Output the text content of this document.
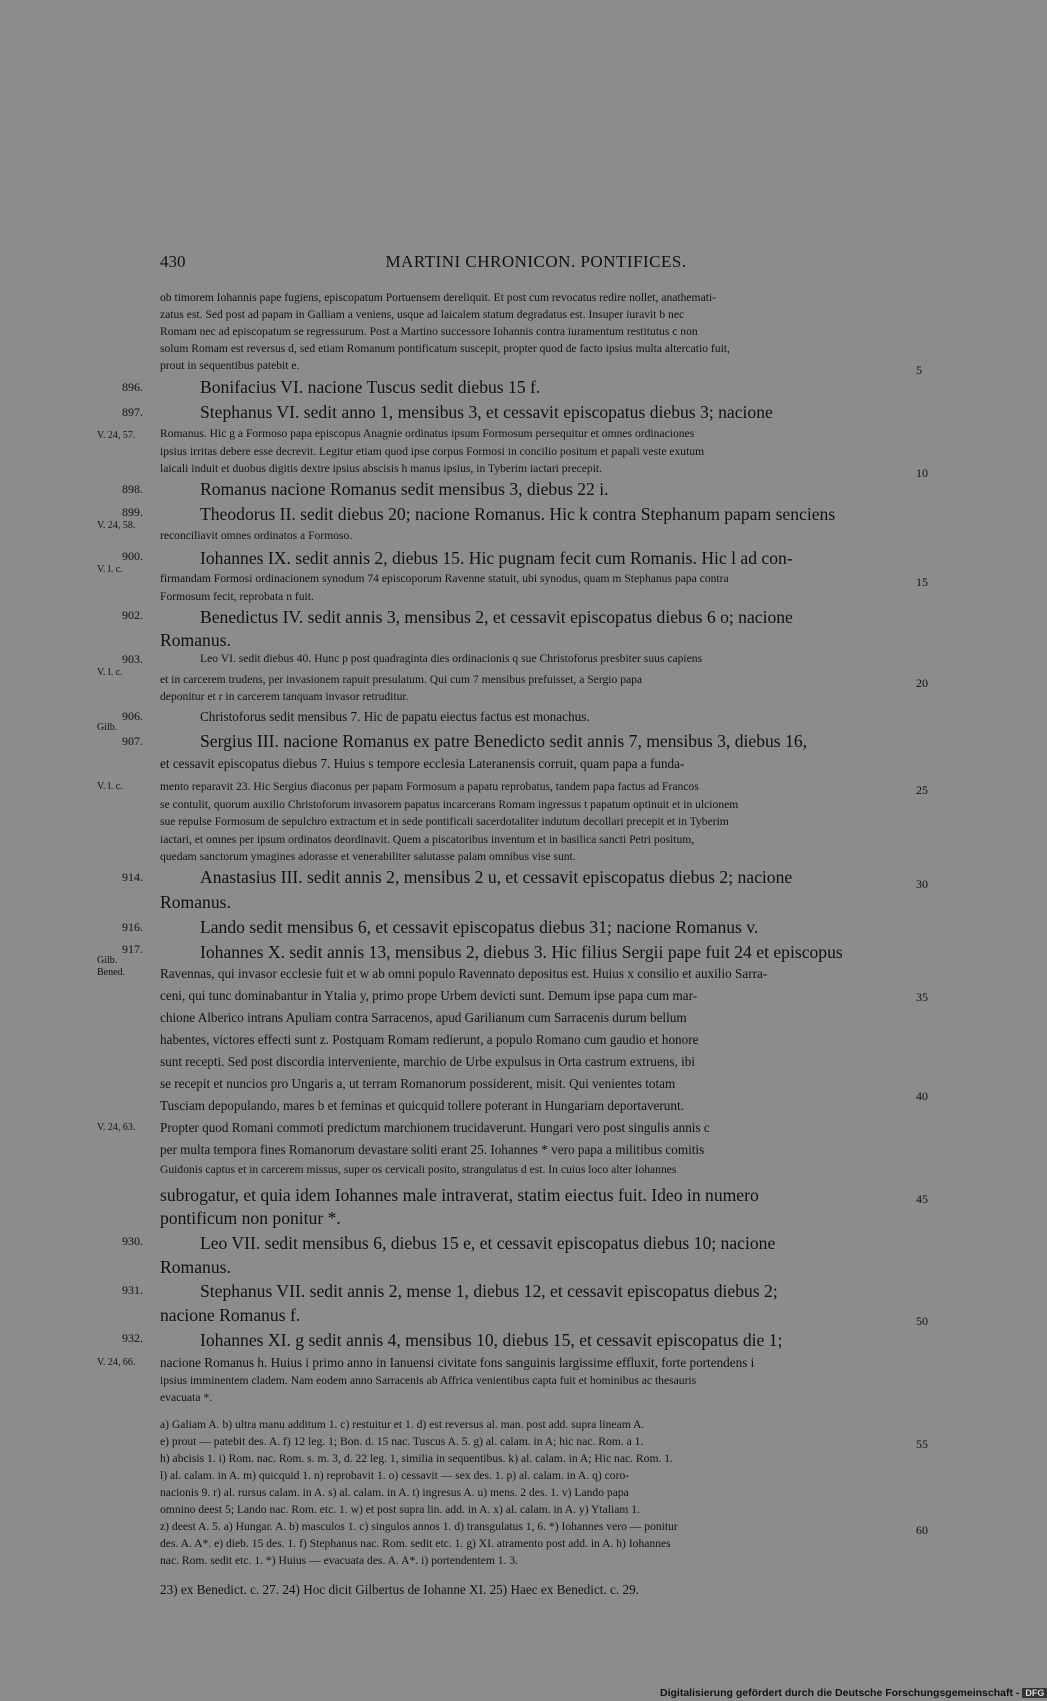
430	MARTINI CHRONICON. PONTIFICES.
ob timorem Iohannis pape fugiens, episcopatum Portuensem dereliquit. Et post cum revocatus redire nollet, anathemati-
zatus est. Sed post ad papam in Galliam a veniens, usque ad laicalem statum degradatus est. Insuper iuravit b nec
Romam nec ad episcopatum se regressurum. Post a Martino successore Iohannis contra iuramentum restitutus c non
solum Romam est reversus d, sed etiam Romanum pontificatum suscepit, propter quod de facto ipsius multa altercatio fuit,
prout in sequentibus patebit e.
Bonifacius VI. nacione Tuscus sedit diebus 15 f.
Stephanus VI. sedit anno 1, mensibus 3, et cessavit episcopatus diebus 3; nacione
Romanus. Hic g a Formoso papa episcopus Anagnie ordinatus ipsum Formosum persequitur et omnes ordinaciones
ipsius irritas debere esse decrevit. Legitur etiam quod ipse corpus Formosi in concilio positum et papali veste exutum
laicali induit et duobus digitis dextre ipsius abscisis h manus ipsius, in Tyberim iactari precepit.
Romanus nacione Romanus sedit mensibus 3, diebus 22 i.
Theodorus II. sedit diebus 20; nacione Romanus. Hic k contra Stephanum papam senciens
reconciliavit omnes ordinatos a Formoso.
Iohannes IX. sedit annis 2, diebus 15. Hic pugnam fecit cum Romanis. Hic l ad con-
firmandam Formosi ordinacionem synodum 74 episcoporum Ravenne statuit, ubi synodus, quam m Stephanus papa contra
Formosum fecit, reprobata n fuit.
Benedictus IV. sedit annis 3, mensibus 2, et cessavit episcopatus diebus 6 o; nacione
Romanus.
Leo VI. sedit diebus 40. Hunc p post quadraginta dies ordinacionis q sue Christoforus presbiter suus capiens
et in carcerem trudens, per invasionem rapuit presulatum. Qui cum 7 mensibus prefuisset, a Sergio papa
deponitur et r in carcerem tanquam invasor retruditur.
Christoforus sedit mensibus 7. Hic de papatu eiectus factus est monachus.
Sergius III. nacione Romanus ex patre Benedicto sedit annis 7, mensibus 3, diebus 16,
et cessavit episcopatus diebus 7. Huius s tempore ecclesia Lateranensis corruit, quam papa a funda-
mento reparavit 23. Hic Sergius diaconus per papam Formosum a papatu reprobatus, tandem papa factus ad Francos
se contulit, quorum auxilio Christoforum invasorem papatus incarcerans Romam ingressus t papatum optinuit et in ulcionem
sue repulse Formosum de sepulchro extractum et in sede pontificali sacerdotaliter indutum decollari precepit et in Tyberim
iactari, et omnes per ipsum ordinatos deordinavit. Quem a piscatoribus inventum et in basilica sancti Petri positum,
quedam sanctorum ymagines adorasse et venerabiliter salutasse palam omnibus vise sunt.
Anastasius III. sedit annis 2, mensibus 2 u, et cessavit episcopatus diebus 2; nacione
Romanus.
Lando sedit mensibus 6, et cessavit episcopatus diebus 31; nacione Romanus v.
Iohannes X. sedit annis 13, mensibus 2, diebus 3. Hic filius Sergii pape fuit 24 et episcopus
Ravennas, qui invasor ecclesie fuit et w ab omni populo Ravennato depositus est. Huius x consilio et auxilio Sarra-
ceni, qui tunc dominabantur in Ytalia y, primo prope Urbem devicti sunt. Demum ipse papa cum mar-
chione Alberico intrans Apuliam contra Sarracenos, apud Garilianum cum Sarracenis durum bellum
habentes, victores effecti sunt z. Postquam Romam redierunt, a populo Romano cum gaudio et honore
sunt recepti. Sed post discordia interveniente, marchio de Urbe expulsus in Orta castrum extruens, ibi
se recepit et nuncios pro Ungaris a, ut terram Romanorum possiderent, misit. Qui venientes totam
Tusciam depopulando, mares b et feminas et quicquid tollere poterant in Hungariam deportaverunt.
Propter quod Romani commoti predictum marchionem trucidaverunt. Hungari vero post singulis annis c
per multa tempora fines Romanorum devastare soliti erant 25. Iohannes * vero papa a militibus comitis
Guidonis captus et in carcerem missus, super os cervicali posito, strangulatus d est. In cuius loco alter Iohannes
subrogatur, et quia idem Iohannes male intraverat, statim eiectus fuit. Ideo in numero
pontificum non ponitur *.
Leo VII. sedit mensibus 6, diebus 15 e, et cessavit episcopatus diebus 10; nacione
Romanus.
Stephanus VII. sedit annis 2, mense 1, diebus 12, et cessavit episcopatus diebus 2;
nacione Romanus f.
Iohannes XI. g sedit annis 4, mensibus 10, diebus 15, et cessavit episcopatus die 1;
nacione Romanus h. Huius i primo anno in Ianuensi civitate fons sanguinis largissime effluxit, forte portendens i
ipsius imminentem cladem. Nam eodem anno Sarracenis ab Affrica venientibus capta fuit et hominibus ac thesauris
evacuata *.
a) Galiam A. b) ultra manu additum 1. c) restuitur et 1. d) est reversus al. man. post add. supra lineam A.
e) prout — patebit des. A. f) 12 leg. 1; Bon. d. 15 nac. Tuscus A. 5. g) al. calam. in A; hic nac. Rom. a 1.
h) abcisis 1. i) Rom. nac. Rom. s. m. 3, d. 22 leg. 1, similia in sequentibus. k) al. calam. in A; Hic nac. Rom. 1.
l) al. calam. in A. m) quicquid 1. n) reprobavit 1. o) cessavit — sex des. 1. p) al. calam. in A. q) coro-
nacionis 9. r) al. rursus calam. in A. s) al. calam. in A. t) ingresus A. u) mens. 2 des. 1. v) Lando papa
omnino deest 5; Lando nac. Rom. etc. 1. w) et post supra lin. add. in A. x) al. calam. in A. y) Ytaliam 1.
z) deest A. 5. a) Hungar. A. b) masculos 1. c) singulos annos 1. d) transgulatus 1, 6. *) Iohannes vero — ponitur
des. A. A*. e) dieb. 15 des. 1. f) Stephanus nac. Rom. sedit etc. 1. g) XI. atramento post add. in A. h) Iohannes
nac. Rom. sedit etc. 1. *) Huius — evacuata des. A. A*. i) portendentem 1. 3.
23) ex Benedict. c. 27. 24) Hoc dicit Gilbertus de Iohanne XI. 25) Haec ex Benedict. c. 29.
896.
897.
898.
899.
900.
902.
903.
906.
907.
914.
916.
917.
930.
931.
932.
V. 24, 57.
V. 24, 58.
V. l. c.
V. l. c.
Gilb.
V. l. c.
Gilb.
Bened.
V. 24, 63.
V. 24, 66.
5
10
15
20
25
30
35
40
45
50
55
60
Digitalisierung gefördert durch die Deutsche Forschungsgemeinschaft - DFG
